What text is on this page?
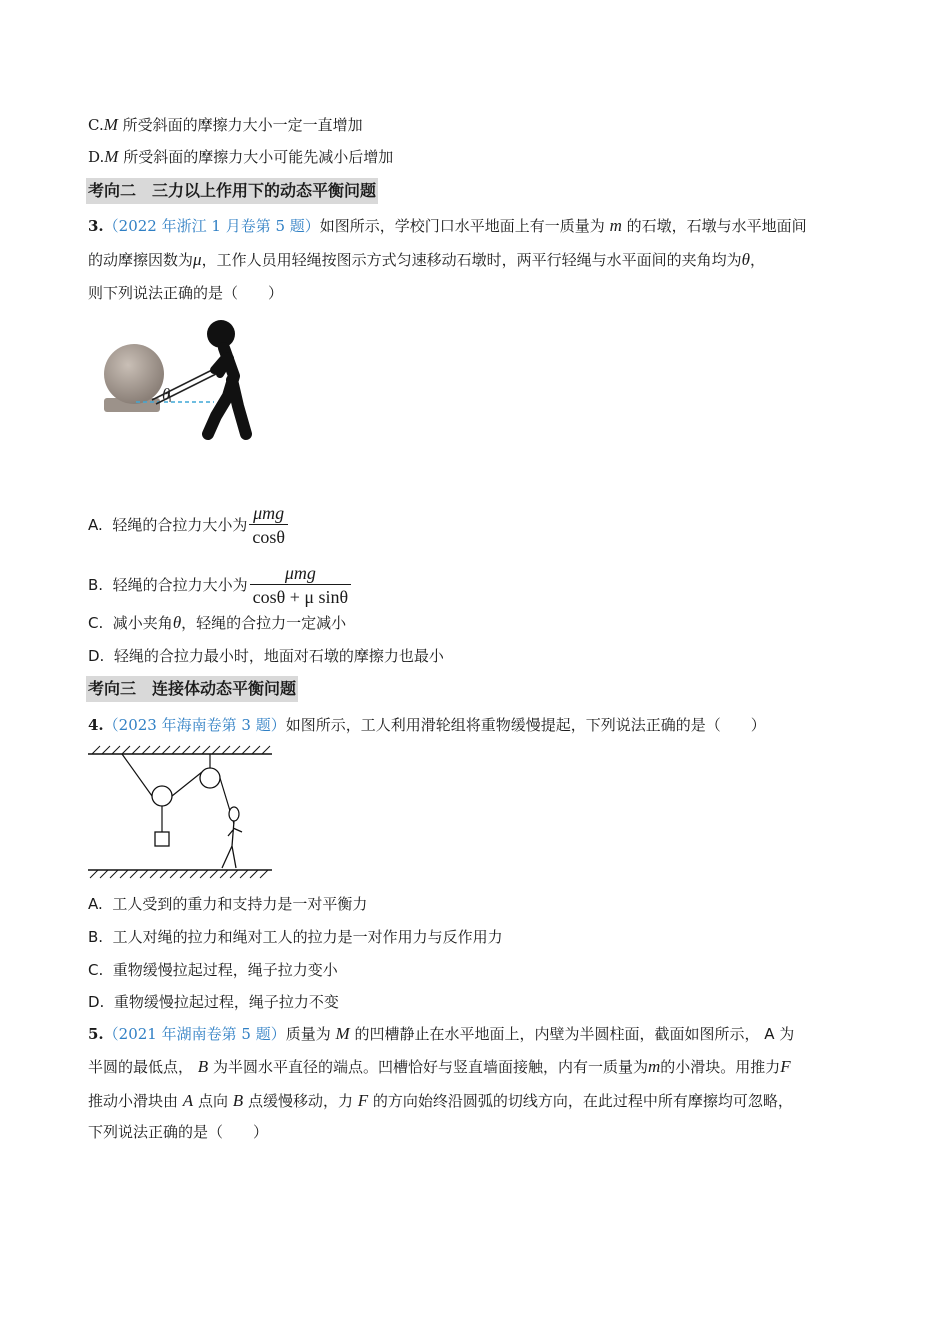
C.M 所受斜面的摩擦力大小一定一直增加
D.M 所受斜面的摩擦力大小可能先减小后增加
考向二　三力以上作用下的动态平衡问题
3.（2022 年浙江 1 月卷第 5 题）如图所示，学校门口水平地面上有一质量为 m 的石墩，石墩与水平地面间
的动摩擦因数为μ，工作人员用轻绳按图示方式匀速移动石墩时，两平行轻绳与水平面间的夹角均为θ，
则下列说法正确的是（　　）
θ
A. 轻绳的合拉力大小为 $\frac{\text{μmg}}{\cos\theta}$
B. 轻绳的合拉力大小为 $\frac{\text{μmg}}{\text{cosθ + μ sinθ}}$
C. 减小夹角θ，轻绳的合拉力一定减小
D. 轻绳的合拉力最小时，地面对石墩的摩擦力也最小
考向三　连接体动态平衡问题
4.（2023 年海南卷第 3 题）如图所示，工人利用滑轮组将重物缓慢提起，下列说法正确的是（　　）
A. 工人受到的重力和支持力是一对平衡力
B. 工人对绳的拉力和绳对工人的拉力是一对作用力与反作用力
C. 重物缓慢拉起过程，绳子拉力变小
D. 重物缓慢拉起过程，绳子拉力不变
5.（2021 年湖南卷第 5 题）质量为 M 的凹槽静止在水平地面上，内壁为半圆柱面，截面如图所示， A 为
半圆的最低点， B 为半圆水平直径的端点。凹槽恰好与竖直墙面接触，内有一质量为m的小滑块。用推力F
推动小滑块由 A 点向 B 点缓慢移动，力 F 的方向始终沿圆弧的切线方向，在此过程中所有摩擦均可忽略，
下列说法正确的是（　　）
